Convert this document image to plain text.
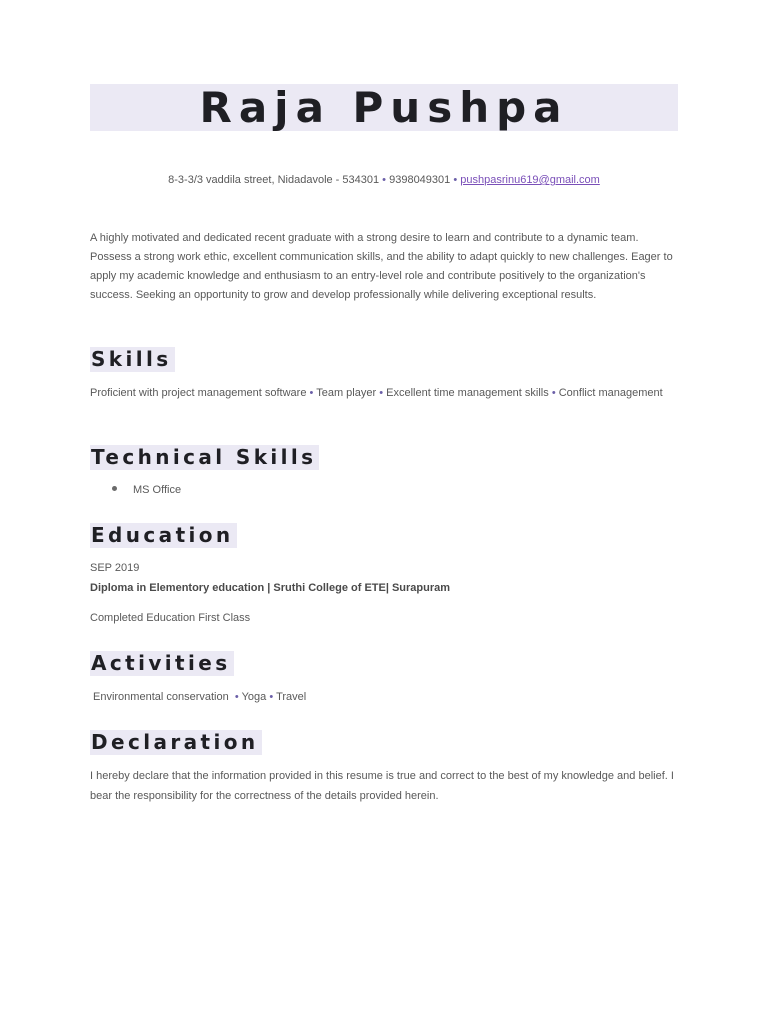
Raja Pushpa
8-3-3/3 vaddila street, Nidadavole - 534301 • 9398049301 • pushpasrinu619@gmail.com
A highly motivated and dedicated recent graduate with a strong desire to learn and contribute to a dynamic team. Possess a strong work ethic, excellent communication skills, and the ability to adapt quickly to new challenges. Eager to apply my academic knowledge and enthusiasm to an entry-level role and contribute positively to the organization's success. Seeking an opportunity to grow and develop professionally while delivering exceptional results.
Skills
Proficient with project management software • Team player • Excellent time management skills • Conflict management
Technical Skills
MS Office
Education
SEP 2019
Diploma in Elementory education | Sruthi College of ETE| Surapuram
Completed Education First Class
Activities
Environmental conservation • Yoga • Travel
Declaration
I hereby declare that the information provided in this resume is true and correct to the best of my knowledge and belief. I bear the responsibility for the correctness of the details provided herein.
